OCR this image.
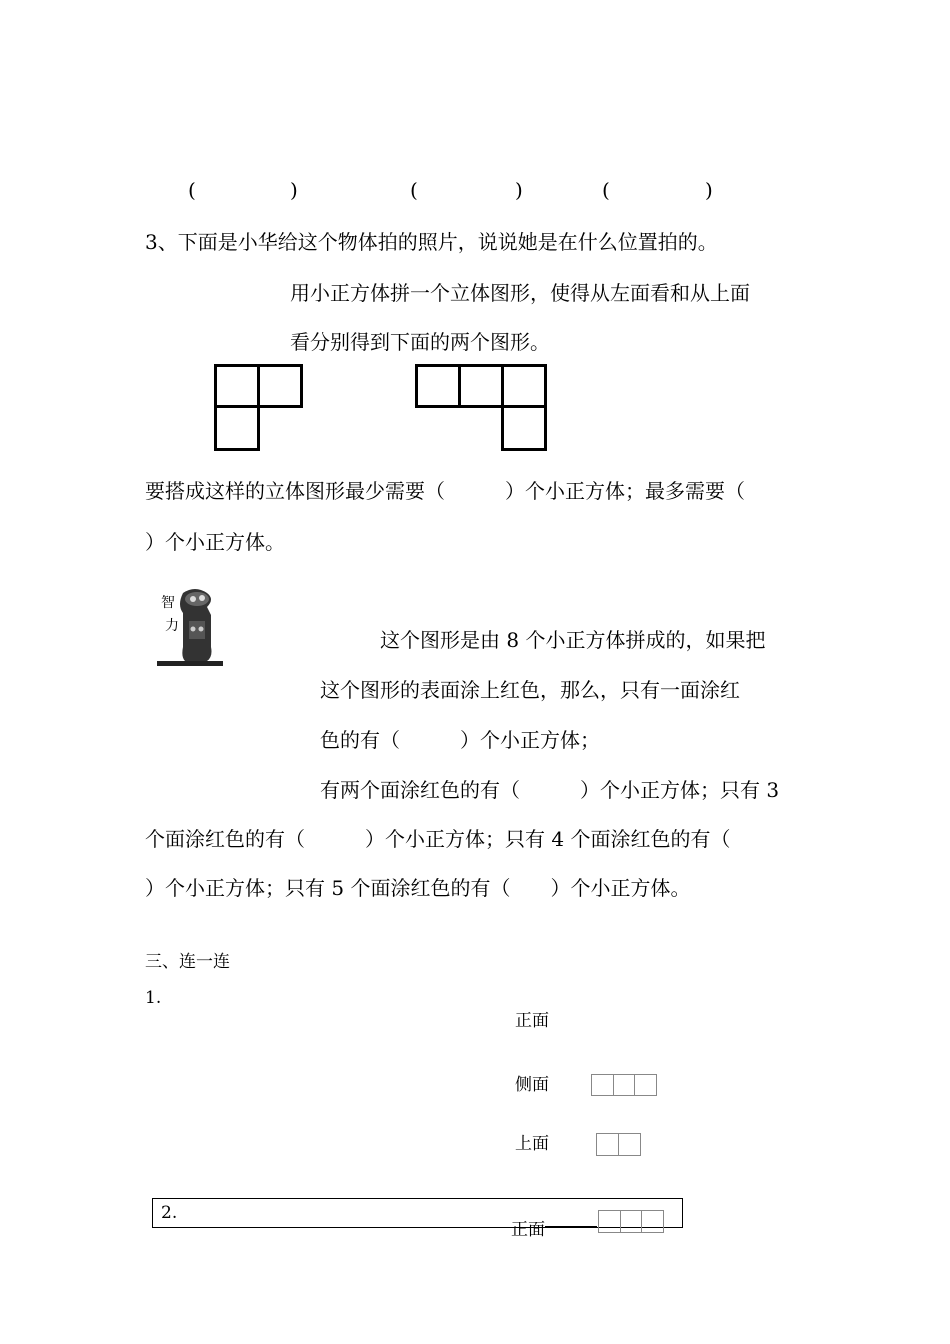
(	)	(	)	(	)
3、下面是小华给这个物体拍的照片，说说她是在什么位置拍的。
用小正方体拼一个立体图形，使得从左面看和从上面
看分别得到下面的两个图形。
要搭成这样的立体图形最少需要（　　　）个小正方体；最多需要（
）个小正方体。
智
力
这个图形是由 8 个小正方体拼成的，如果把
这个图形的表面涂上红色，那么，只有一面涂红
色的有（　　　）个小正方体；
有两个面涂红色的有（　　　）个小正方体；只有 3
个面涂红色的有（　　　）个小正方体；只有 4 个面涂红色的有（
）个小正方体；只有 5 个面涂红色的有（　　）个小正方体。
三、连一连
1.
正面
侧面
上面
2.
正面
